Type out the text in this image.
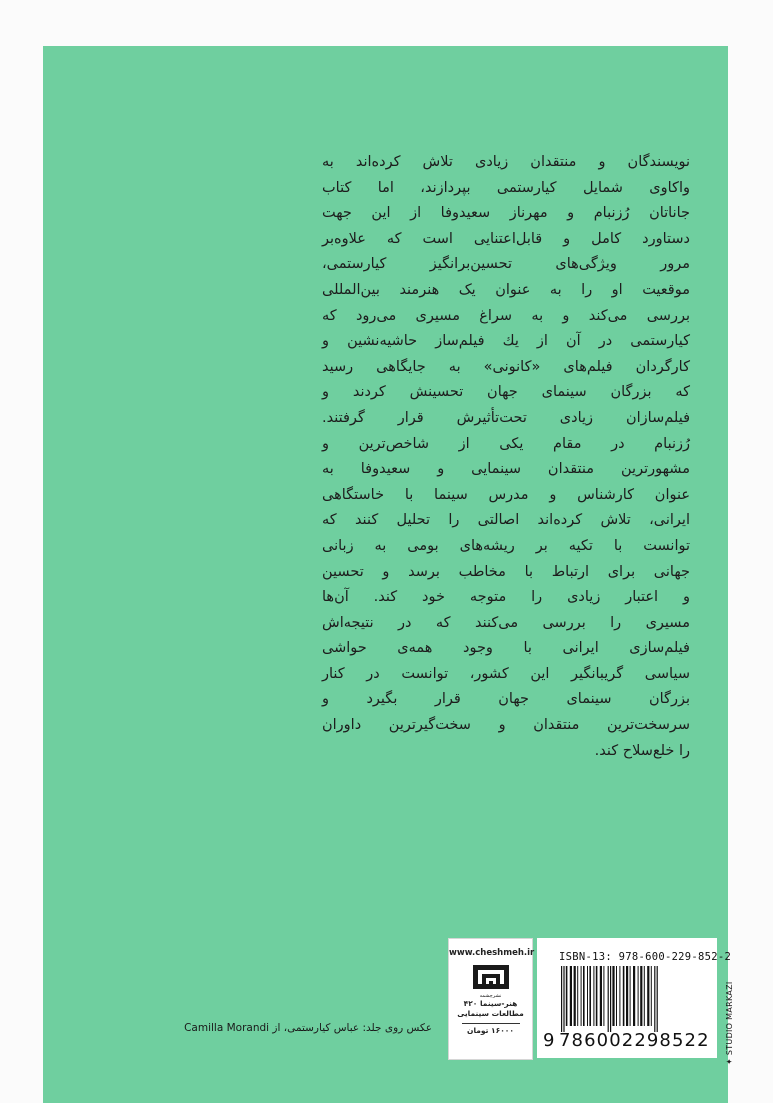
نویسندگان و منتقدان زیادی تلاش کرده‌اند به
واکاوی شمایل کیارستمی بپردازند، اما کتاب
جاناتان رُزنبام و مهرناز سعیدوفا از این جهت
دستاورد کامل و قابل‌اعتنایی است که علاوه‌بر
مرور ویژگی‌های تحسین‌برانگیز کیارستمی،
موقعیت او را به عنوان یک هنرمند بین‌المللی
بررسی می‌کند و به سراغ مسیری می‌رود که
کیارستمی در آن از یك فیلم‌ساز حاشیه‌نشین و
کارگردان فیلم‌های «کانونی» به جایگاهی رسید
که بزرگان سینمای جهان تحسینش کردند و
فیلم‌سازان زیادی تحت‌تأثیرش قرار گرفتند.
رُزنبام در مقام یکی از شاخص‌ترین و
مشهورترین منتقدان سینمایی و سعیدوفا به
عنوان کارشناس و مدرس سینما با خاستگاهی
ایرانی، تلاش کرده‌اند اصالتی را تحلیل کنند که
توانست با تکیه بر ریشه‌های بومی به زبانی
جهانی برای ارتباط با مخاطب برسد و تحسین
و اعتبار زیادی را متوجه خود کند. آن‌ها
مسیری را بررسی می‌کنند که در نتیجه‌اش
فیلم‌سازی ایرانی با وجود همه‌ی حواشی
سیاسی گریبانگیر این کشور، توانست در کنار
بزرگان سینمای جهان قرار بگیرد و
سرسخت‌ترین منتقدان و سخت‌گیرترین داوران
را خلع‌سلاح کند.
www.cheshmeh.ir
نشرچشمه
هنر-سینما ۴۲۰
مطالعات سینمایی
۱۶۰۰۰ تومان
ISBN-13: 978-600-229-852-2
9 786002298522 ✦ STUDIO MARKAZI
عکس روی جلد: عباس کیارستمی، از Camilla Morandi
